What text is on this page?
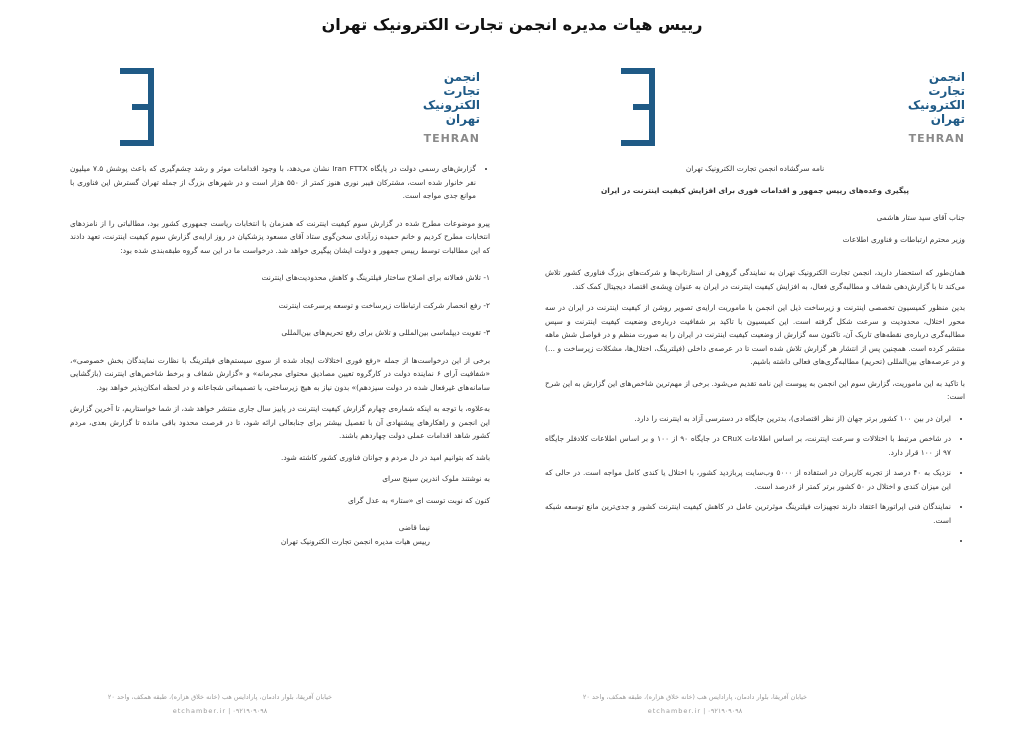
رییس هیات مدیره انجمن تجارت الکترونیک تهران
انجمن
تجارت
الکترونیک
تهران
TEHRAN

نامه سرگشاده انجمن تجارت الکترونیک تهران

پیگیری وعده‌های رییس جمهور و اقدامات فوری برای افزایش کیفیت اینترنت در ایران

جناب آقای سید ستار هاشمی

وزیر محترم ارتباطات و فناوری اطلاعات

همان‌طور که استحضار دارید، انجمن تجارت الکترونیک تهران به نمایندگی گروهی از استارتاپ‌ها و شرکت‌های بزرگ فناوری کشور تلاش می‌کند تا با گزارش‌دهی شفاف و مطالبه‌گری فعال، به افزایش کیفیت اینترنت در ایران به عنوان وِیشه‌ی اقتصاد دیجیتال کمک کند.

بدین منظور کمیسیون تخصصی اینترنت و زیرساخت ذیل این انجمن با ماموریت ارایه‌ی تصویر روشن از کیفیت اینترنت در ایران در سه محور اختلال، محدودیت و سرعت شکل گرفته است. این کمیسیون با تاکید بر شفافیت درباره‌ی وضعیت کیفیت اینترنت و سپس مطالبه‌گری درباره‌ی نقطه‌های تاریک آن، تاکنون سه گزارش از وضعیت کیفیت اینترنت در ایران را به صورت منظم و در فواصل شش ماهه منتشر کرده است. همچنین پس از انتشار هر گزارش تلاش شده است تا در عرصه‌ی داخلی (فیلترینگ، اختلال‌ها، مشکلات زیرساخت و ...) و در عرصه‌های بین‌المللی (تحریم) مطالبه‌گری‌های فعالی داشته باشیم.

با تاکید به این ماموریت، گزارش سوم این انجمن به پیوست این نامه تقدیم می‌شود. برخی از مهم‌ترین شاخص‌های این گزارش به این شرح است:

• ایران در بین ۱۰۰ کشور برتر جهان (از نظر اقتصادی)، بدترین جایگاه در دسترسی آزاد به اینترنت را دارد.
• در شاخص مرتبط با اختلالات و سرعت اینترنت، بر اساس اطلاعات CRuX در جایگاه ۹۰ از ۱۰۰ و بر اساس اطلاعات کلادفلر جایگاه ۹۷ از ۱۰۰ قرار دارد.
• نزدیک به ۴۰ درصد از تجربه کاربران در استفاده از ۵۰۰۰ وب‌سایت پربازدید کشور، با اختلال یا کندی کامل مواجه است. در حالی که این میزان کندی و اختلال در ۵۰ کشور برتر کمتر از ۶درصد است.
• نمایندگان فنی اپراتورها اعتقاد دارند تجهیزات فیلترینگ موثرترین عامل در کاهش کیفیت اینترنت کشور و جدی‌ترین مانع توسعه شبکه است.
•
خیابان آفریقا، بلوار دادمان، پارادایس هب (خانه خلاق هزاره)، طبقه همکف، واحد ۲۰
etchamber.ir | ۰۹۲۱۹۰۹۰۹۸
انجمن
تجارت
الکترونیک
تهران
TEHRAN
• گزارش‌های رسمی دولت در پایگاه Iran FTTX نشان می‌دهد، با وجود اقدامات موثر و رشد چشم‌گیری که باعث پوشش ۷.۵ میلیون نفر خانوار شده است، مشترکان فیبر نوری هنوز کمتر از ۵۵۰ هزار است و در شهرهای بزرگ از جمله تهران گسترش این فناوری با موانع جدی مواجه است.

پیرو موضوعات مطرح شده در گزارش سوم کیفیت اینترنت که همزمان با انتخابات ریاست جمهوری کشور بود، مطالباتی را از نامزدهای انتخابات مطرح کردیم و خانم حمیده زرآبادی سخن‌گوی ستاد آقای مسعود پزشکیان در روز ارایه‌ی گزارش سوم کیفیت اینترنت، تعهد دادند که این مطالبات توسط رییس جمهور و دولت ایشان پیگیری خواهد شد. درخواست ما در این سه گروه طبقه‌بندی شده بود:

۱- تلاش فعالانه برای اصلاح ساختار فیلترینگ و کاهش محدودیت‌های اینترنت
۲- رفع انحصار شرکت ارتباطات زیرساخت و توسعه پرسرعت اینترنت
۳- تقویت دیپلماسی بین‌المللی و تلاش برای رفع تحریم‌های بین‌المللی

برخی از این درخواست‌ها از جمله «رفع فوری اختلالات ایجاد شده از سوی سیستم‌های فیلترینگ با نظارت نمایندگان بخش خصوصی»، «شفافیت آرای ۶ نماینده دولت در کارگروه تعیین مصادیق محتوای مجرمانه» و «گزارش شفاف و برخط شاخص‌های اینترنت (بازگشایی سامانه‌های غیرفعال شده در دولت سیزدهم)» بدون نیاز به هیچ زیرساختی، با تصمیماتی شجاعانه و در لحظه امکان‌پذیر خواهد بود.

به‌علاوه، با توجه به اینکه شماره‌ی چهارم گزارش کیفیت اینترنت در پاییز سال جاری منتشر خواهد شد، از شما خواستاریم، تا آخرین گزارش این انجمن و راهکارهای پیشنهادی آن با تفصیل بیشتر برای جنابعالی ارائه شود، تا در فرصت محدود باقی مانده تا گزارش بعدی، مردم کشور شاهد اقدامات عملی دولت چهاردهم باشند.

باشد که بتوانیم امید در دل مردم و جوانان فناوری کشور کاشته شود.

به نوشتند ملوک اندرین سپنج سرای

کنون که نوبت توست ای «ستار» به عدل گرای

نیما قاضی
رییس هیات مدیره انجمن تجارت الکترونیک تهران
خیابان آفریقا، بلوار دادمان، پارادایس هب (خانه خلاق هزاره)، طبقه همکف، واحد ۲۰
etchamber.ir | ۰۹۲۱۹۰۹۰۹۸
